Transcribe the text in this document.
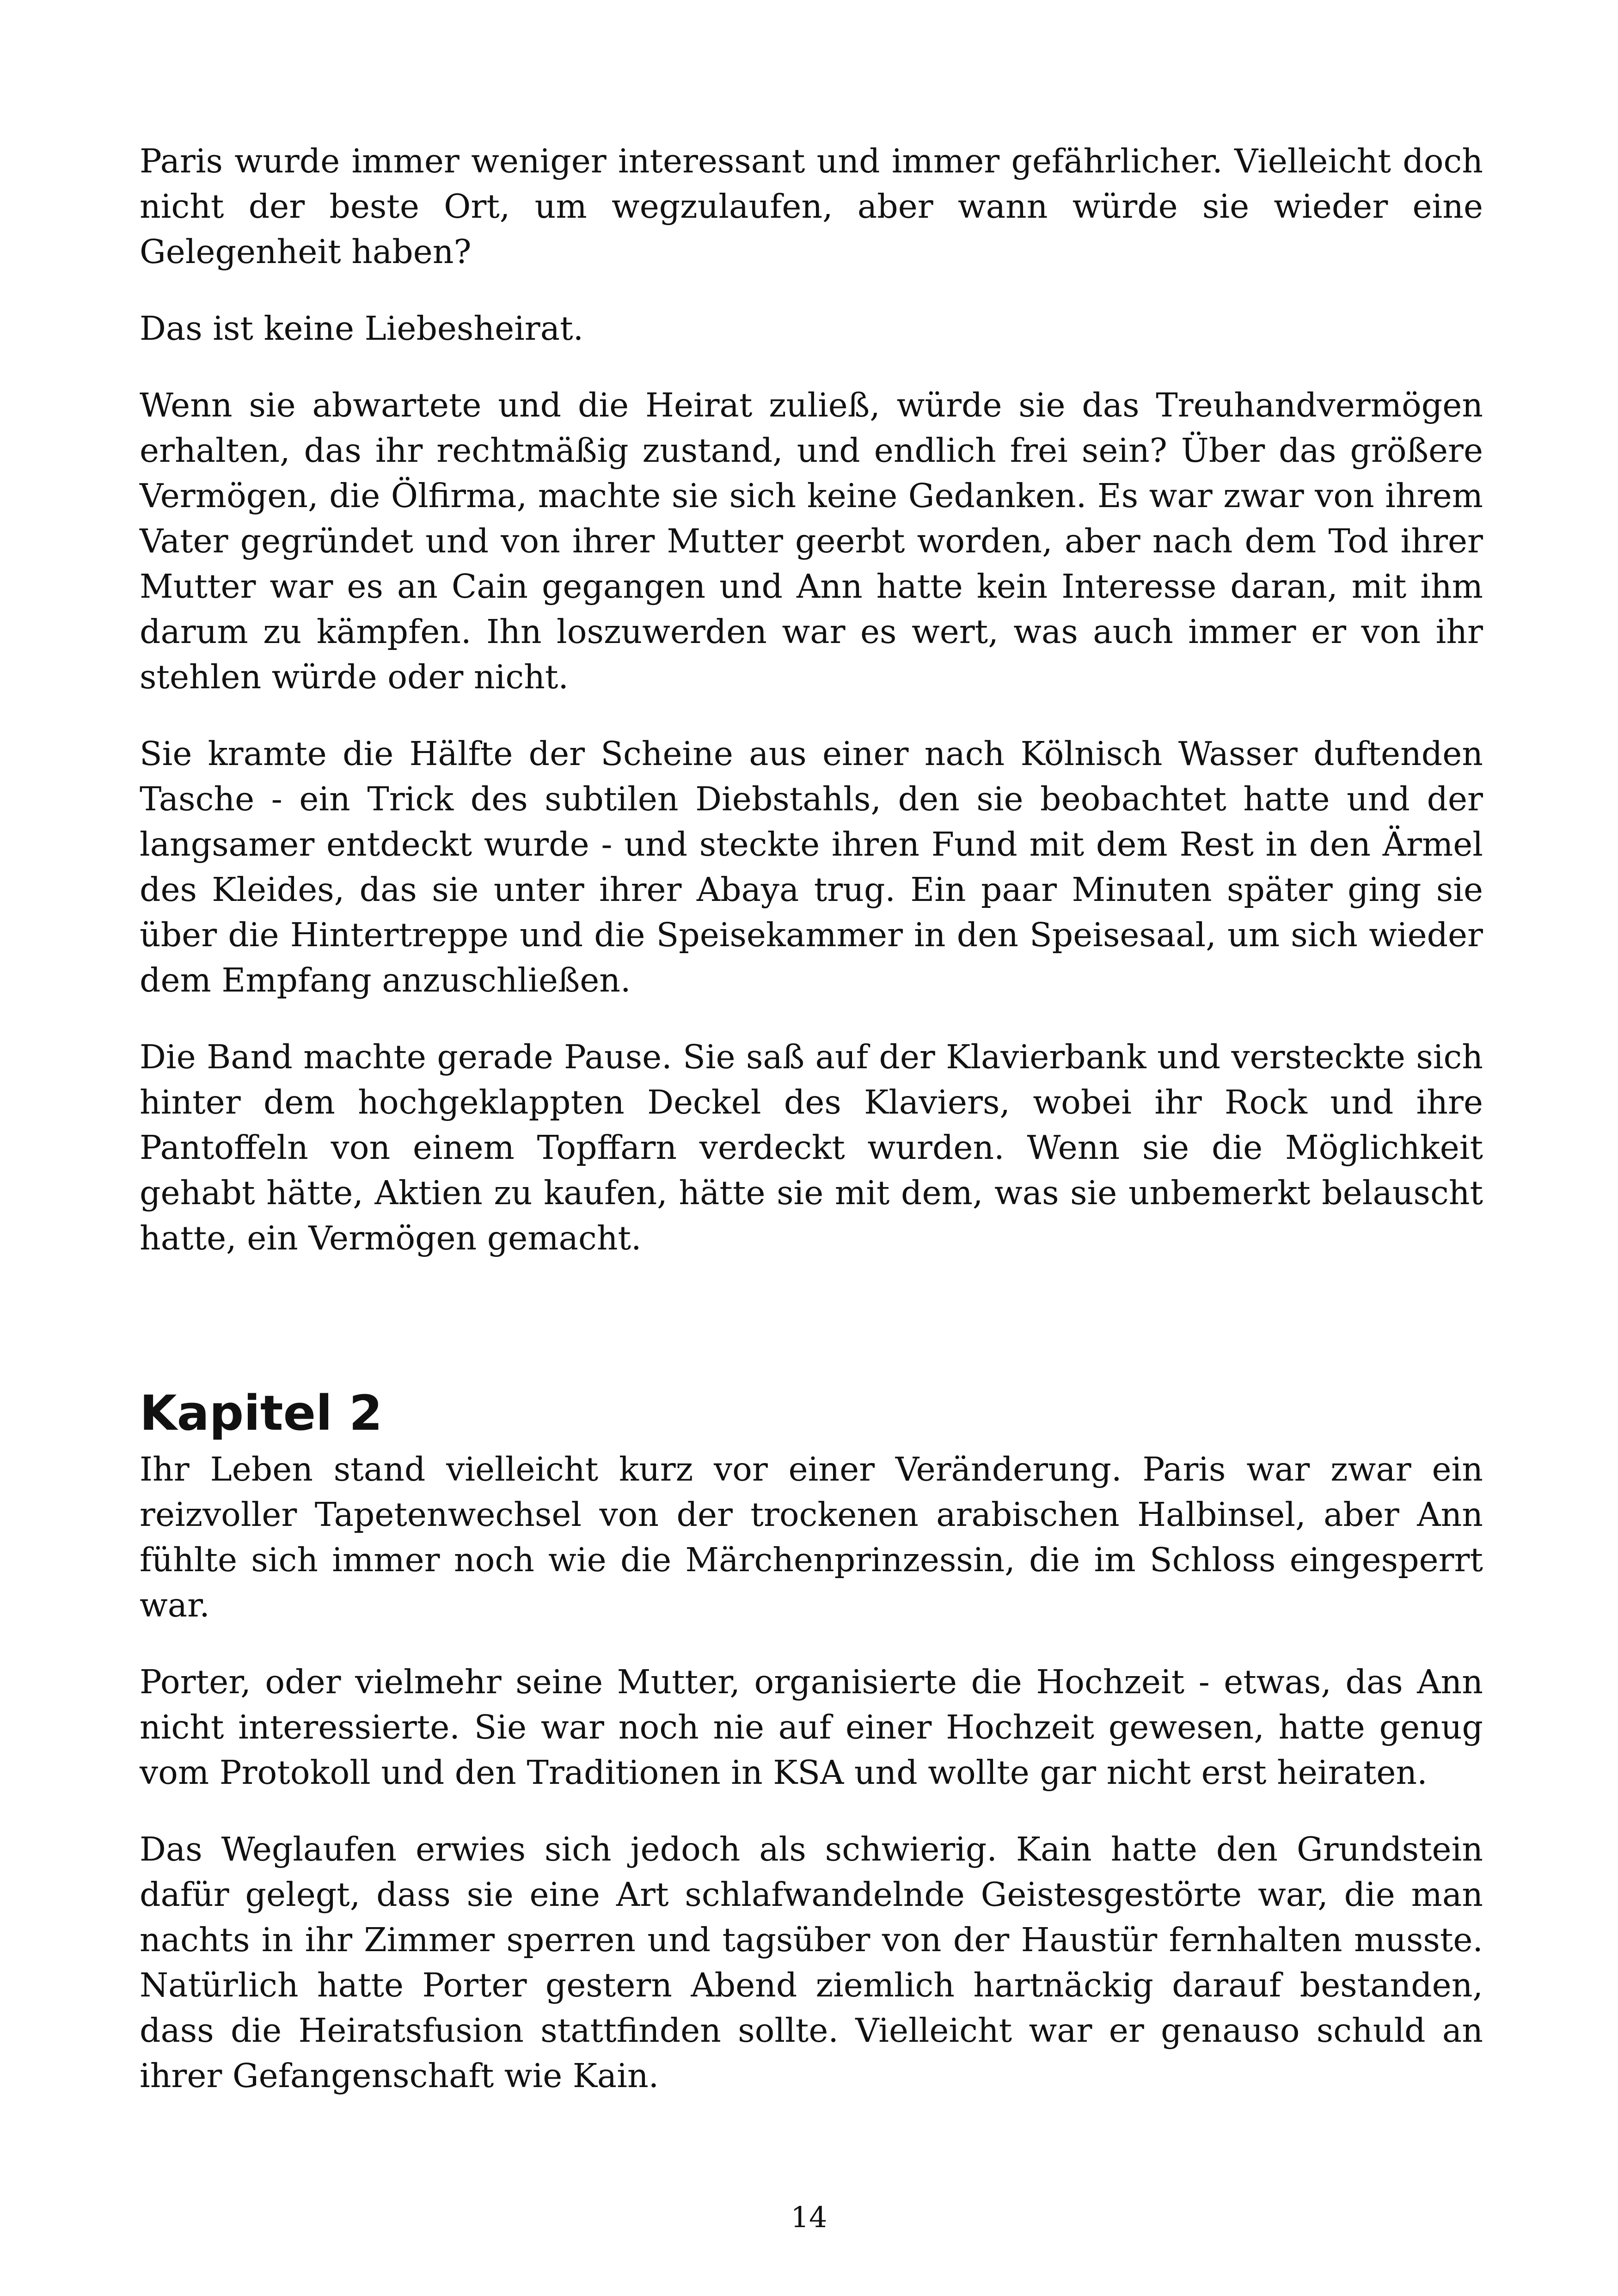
Paris wurde immer weniger interessant und immer gefährlicher. Vielleicht doch nicht der beste Ort, um wegzulaufen, aber wann würde sie wieder eine Gelegenheit haben?

Das ist keine Liebesheirat.

Wenn sie abwartete und die Heirat zuließ, würde sie das Treuhandvermögen erhalten, das ihr rechtmäßig zustand, und endlich frei sein? Über das größere Vermögen, die Ölfirma, machte sie sich keine Gedanken. Es war zwar von ihrem Vater gegründet und von ihrer Mutter geerbt worden, aber nach dem Tod ihrer Mutter war es an Cain gegangen und Ann hatte kein Interesse daran, mit ihm darum zu kämpfen. Ihn loszuwerden war es wert, was auch immer er von ihr stehlen würde oder nicht.

Sie kramte die Hälfte der Scheine aus einer nach Kölnisch Wasser duftenden Tasche - ein Trick des subtilen Diebstahls, den sie beobachtet hatte und der langsamer entdeckt wurde - und steckte ihren Fund mit dem Rest in den Ärmel des Kleides, das sie unter ihrer Abaya trug. Ein paar Minuten später ging sie über die Hintertreppe und die Speisekammer in den Speisesaal, um sich wieder dem Empfang anzuschließen.

Die Band machte gerade Pause. Sie saß auf der Klavierbank und versteckte sich hinter dem hochgeklappten Deckel des Klaviers, wobei ihr Rock und ihre Pantoffeln von einem Topffarn verdeckt wurden. Wenn sie die Möglichkeit gehabt hätte, Aktien zu kaufen, hätte sie mit dem, was sie unbemerkt belauscht hatte, ein Vermögen gemacht.

Kapitel 2

Ihr Leben stand vielleicht kurz vor einer Veränderung. Paris war zwar ein reizvoller Tapetenwechsel von der trockenen arabischen Halbinsel, aber Ann fühlte sich immer noch wie die Märchenprinzessin, die im Schloss eingesperrt war.

Porter, oder vielmehr seine Mutter, organisierte die Hochzeit - etwas, das Ann nicht interessierte. Sie war noch nie auf einer Hochzeit gewesen, hatte genug vom Protokoll und den Traditionen in KSA und wollte gar nicht erst heiraten.

Das Weglaufen erwies sich jedoch als schwierig. Kain hatte den Grundstein dafür gelegt, dass sie eine Art schlafwandelnde Geistesgestörte war, die man nachts in ihr Zimmer sperren und tagsüber von der Haustür fernhalten musste. Natürlich hatte Porter gestern Abend ziemlich hartnäckig darauf bestanden, dass die Heiratsfusion stattfinden sollte. Vielleicht war er genauso schuld an ihrer Gefangenschaft wie Kain.

14
